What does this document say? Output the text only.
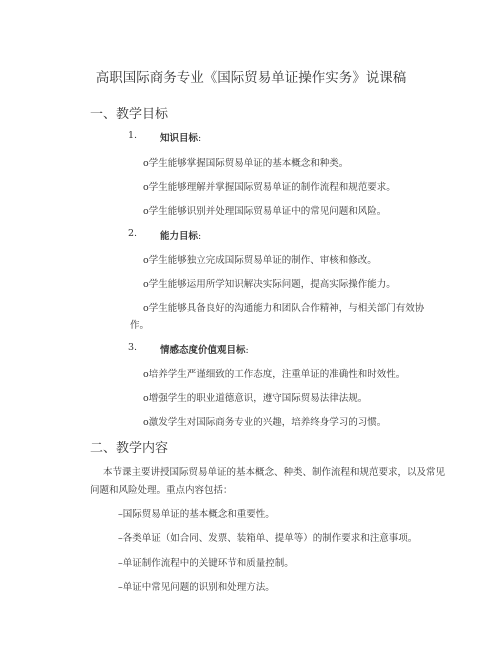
高职国际商务专业《国际贸易单证操作实务》说课稿
一、教学目标
1. 知识目标:
o学生能够掌握国际贸易单证的基本概念和种类。
o学生能够理解并掌握国际贸易单证的制作流程和规范要求。
o学生能够识别并处理国际贸易单证中的常见问题和风险。
2. 能力目标:
o学生能够独立完成国际贸易单证的制作、审核和修改。
o学生能够运用所学知识解决实际问题，提高实际操作能力。
o学生能够具备良好的沟通能力和团队合作精神，与相关部门有效协
作。
3. 情感态度价值观目标:
o培养学生严谨细致的工作态度，注重单证的准确性和时效性。
o增强学生的职业道德意识，遵守国际贸易法律法规。
o激发学生对国际商务专业的兴趣，培养终身学习的习惯。
二、教学内容
本节课主要讲授国际贸易单证的基本概念、种类、制作流程和规范要求，以及常见
问题和风险处理。重点内容包括：
–国际贸易单证的基本概念和重要性。
–各类单证（如合同、发票、装箱单、提单等）的制作要求和注意事项。
–单证制作流程中的关键环节和质量控制。
–单证中常见问题的识别和处理方法。
